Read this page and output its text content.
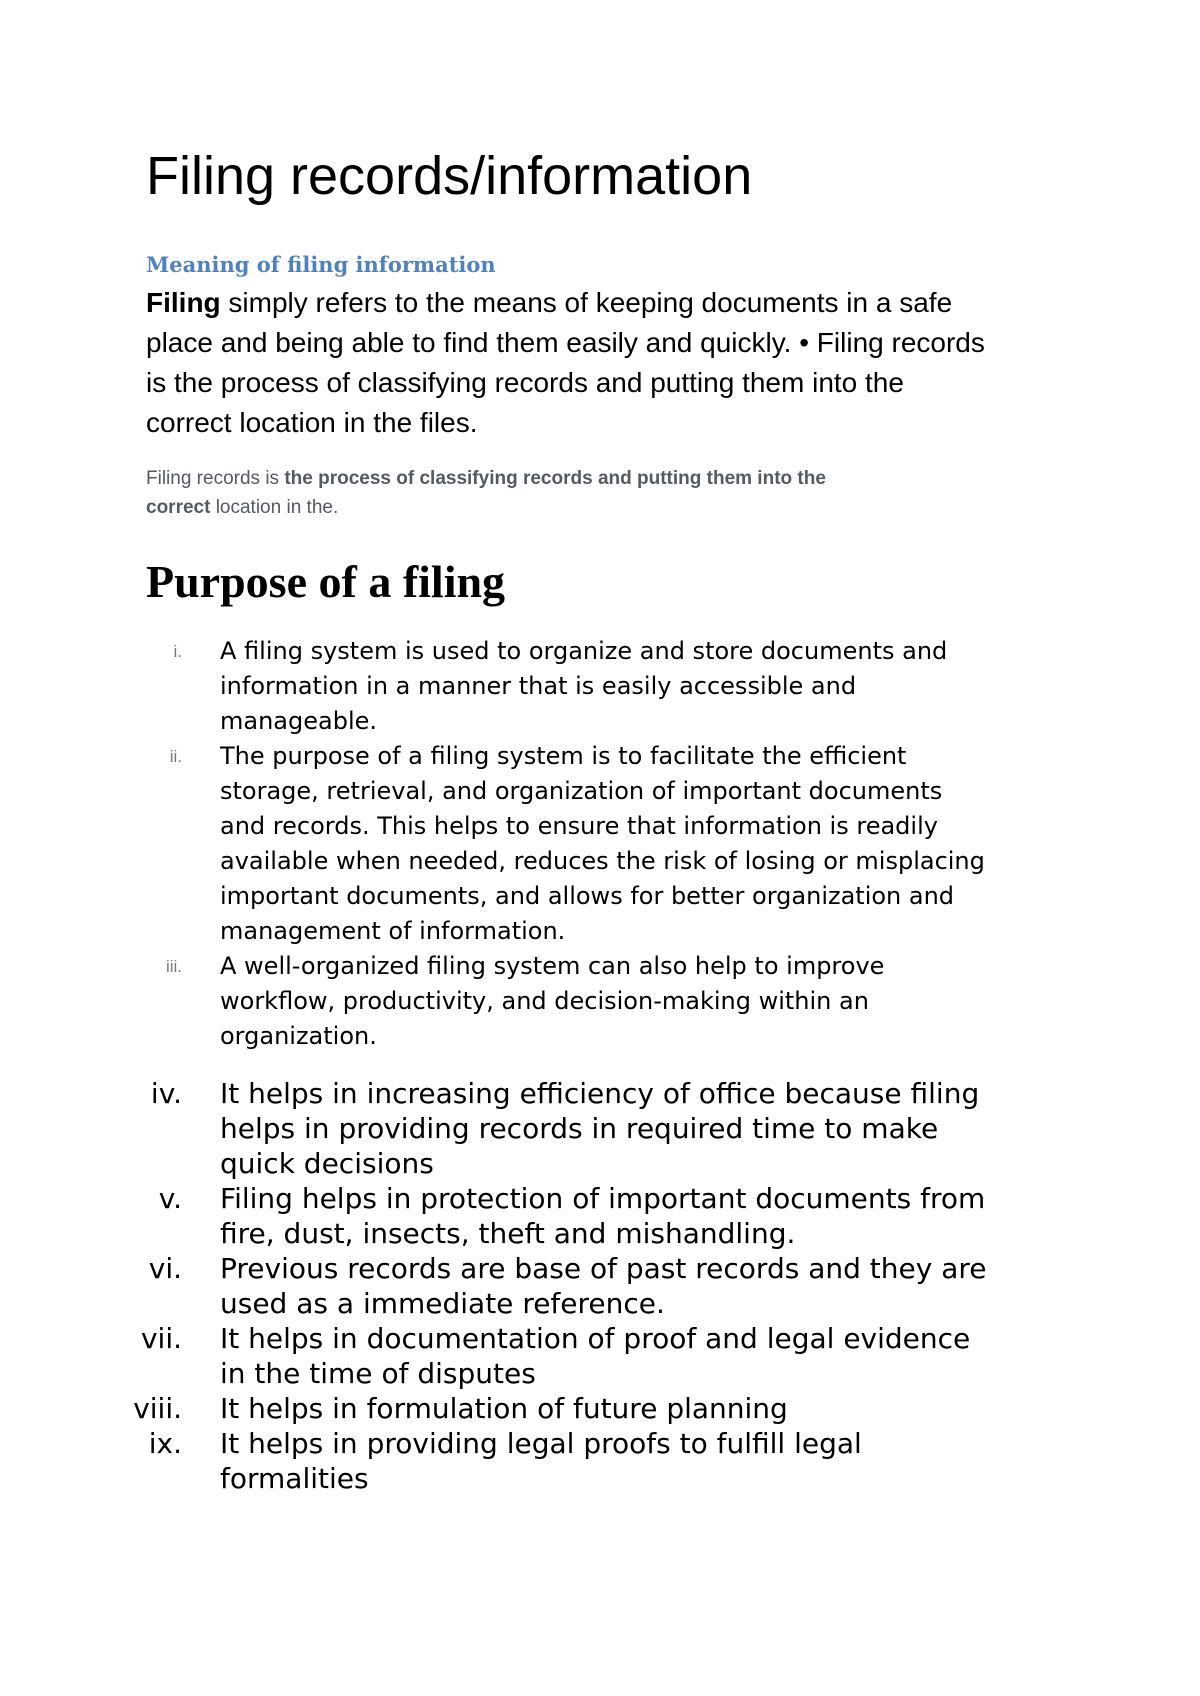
Filing records/information
Meaning of filing information

Filing simply refers to the means of keeping documents in a safe
place and being able to find them easily and quickly. • Filing records
is the process of classifying records and putting them into the
correct location in the files.

Filing records is the process of classifying records and putting them into the
correct location in the.

Purpose of a filing
i. A filing system is used to organize and store documents and
information in a manner that is easily accessible and
manageable.
ii. The purpose of a filing system is to facilitate the efficient
storage, retrieval, and organization of important documents
and records. This helps to ensure that information is readily
available when needed, reduces the risk of losing or misplacing
important documents, and allows for better organization and
management of information.
iii. A well-organized filing system can also help to improve
workflow, productivity, and decision-making within an
organization.
iv. It helps in increasing efficiency of office because filing
helps in providing records in required time to make
quick decisions
v. Filing helps in protection of important documents from
fire, dust, insects, theft and mishandling.
vi. Previous records are base of past records and they are
used as a immediate reference.
vii. It helps in documentation of proof and legal evidence
in the time of disputes
viii. It helps in formulation of future planning
ix. It helps in providing legal proofs to fulfill legal
formalities
